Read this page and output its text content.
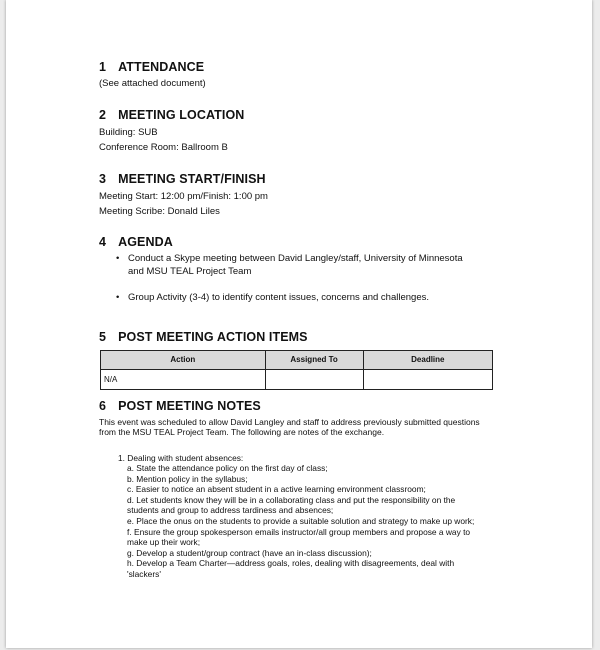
1 ATTENDANCE

(See attached document)

2 MEETING LOCATION

Building: SUB

Conference Room: Ballroom B

3 MEETING START/FINISH

Meeting Start: 12:00 pm/Finish: 1:00 pm

Meeting Scribe: Donald Liles

4 AGENDA
• Conduct a Skype meeting between David Langley/staff, University of Minnesota
and MSU TEAL Project Team
• Group Activity (3-4) to identify content issues, concerns and challenges.
5 POST MEETING ACTION ITEMS
Action	Assigned To	Deadline
N/A		
6 POST MEETING NOTES
This event was scheduled to allow David Langley and staff to address previously submitted questions
from the MSU TEAL Project Team. The following are notes of the exchange.
1. Dealing with student absences:
a. State the attendance policy on the first day of class;
b. Mention policy in the syllabus;
c. Easier to notice an absent student in a active learning environment classroom;
d. Let students know they will be in a collaborating class and put the responsibility on the
students and group to address tardiness and absences;
e. Place the onus on the students to provide a suitable solution and strategy to make up work;
f. Ensure the group spokesperson emails instructor/all group members and propose a way to
make up their work;
g. Develop a student/group contract (have an in-class discussion);
h. Develop a Team Charter—address goals, roles, dealing with disagreements, deal with
'slackers'
